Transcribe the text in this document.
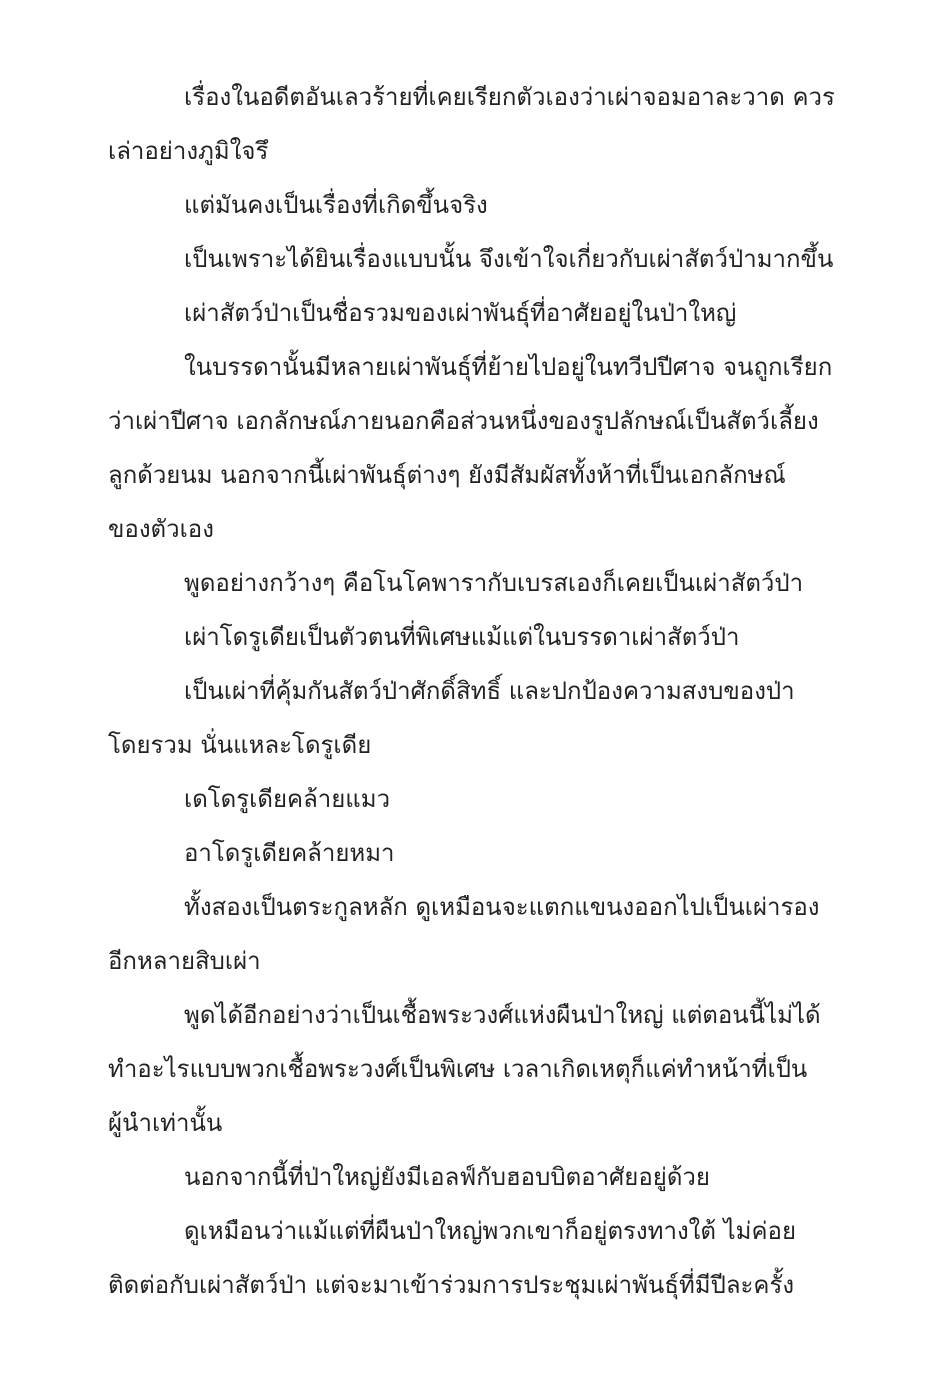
เรื่องในอดีตอันเลวร้ายที่เคยเรียกตัวเองว่าเผ่าจอมอาละวาด ควร
เล่าอย่างภูมิใจรึ

แต่มันคงเป็นเรื่องที่เกิดขึ้นจริง

เป็นเพราะได้ยินเรื่องแบบนั้น จึงเข้าใจเกี่ยวกับเผ่าสัตว์ป่ามากขึ้น

เผ่าสัตว์ป่าเป็นชื่อรวมของเผ่าพันธุ์ที่อาศัยอยู่ในป่าใหญ่

ในบรรดานั้นมีหลายเผ่าพันธุ์ที่ย้ายไปอยู่ในทวีปปีศาจ จนถูกเรียก
ว่าเผ่าปีศาจ เอกลักษณ์ภายนอกคือส่วนหนึ่งของรูปลักษณ์เป็นสัตว์เลี้ยง
ลูกด้วยนม นอกจากนี้เผ่าพันธุ์ต่างๆ ยังมีสัมผัสทั้งห้าที่เป็นเอกลักษณ์
ของตัวเอง

พูดอย่างกว้างๆ คือโนโคพารากับเบรสเองก็เคยเป็นเผ่าสัตว์ป่า

เผ่าโดรูเดียเป็นตัวตนที่พิเศษแม้แต่ในบรรดาเผ่าสัตว์ป่า

เป็นเผ่าที่คุ้มกันสัตว์ป่าศักดิ์สิทธิ์ และปกป้องความสงบของป่า
โดยรวม นั่นแหละโดรูเดีย

เดโดรูเดียคล้ายแมว

อาโดรูเดียคล้ายหมา

ทั้งสองเป็นตระกูลหลัก ดูเหมือนจะแตกแขนงออกไปเป็นเผ่ารอง
อีกหลายสิบเผ่า

พูดได้อีกอย่างว่าเป็นเชื้อพระวงศ์แห่งผืนป่าใหญ่ แต่ตอนนี้ไม่ได้
ทำอะไรแบบพวกเชื้อพระวงศ์เป็นพิเศษ เวลาเกิดเหตุก็แค่ทำหน้าที่เป็น
ผู้นำเท่านั้น

นอกจากนี้ที่ป่าใหญ่ยังมีเอลฟ์กับฮอบบิตอาศัยอยู่ด้วย

ดูเหมือนว่าแม้แต่ที่ผืนป่าใหญ่พวกเขาก็อยู่ตรงทางใต้ ไม่ค่อย
ติดต่อกับเผ่าสัตว์ป่า แต่จะมาเข้าร่วมการประชุมเผ่าพันธุ์ที่มีปีละครั้ง
